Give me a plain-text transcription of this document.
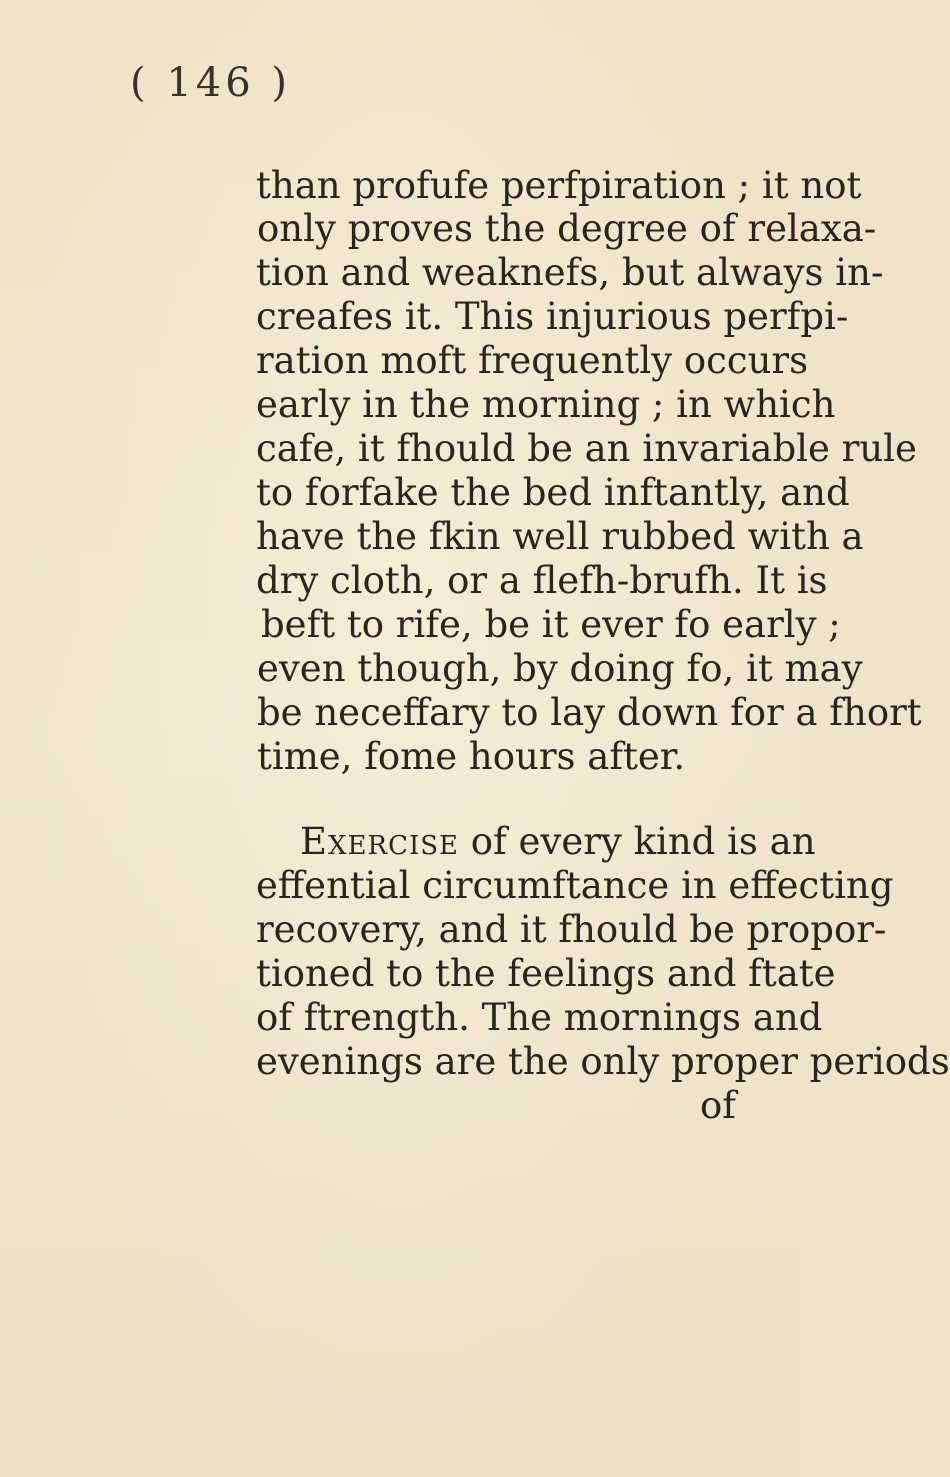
( 146 )
than profufe perfpiration ; it not
only proves the degree of relaxa-
tion and weaknefs, but always in-
creafes it. This injurious perfpi-
ration moft frequently occurs
early in the morning ; in which
cafe, it fhould be an invariable rule
to forfake the bed inftantly, and
have the fkin well rubbed with a
dry cloth, or a flefh-brufh. It is
beft to rife, be it ever fo early ;
even though, by doing fo, it may
be neceffary to lay down for a fhort
time, fome hours after.
Exercise of every kind is an
effential circumftance in effecting
recovery, and it fhould be propor-
tioned to the feelings and ftate
of ftrength. The mornings and
evenings are the only proper periods
of
